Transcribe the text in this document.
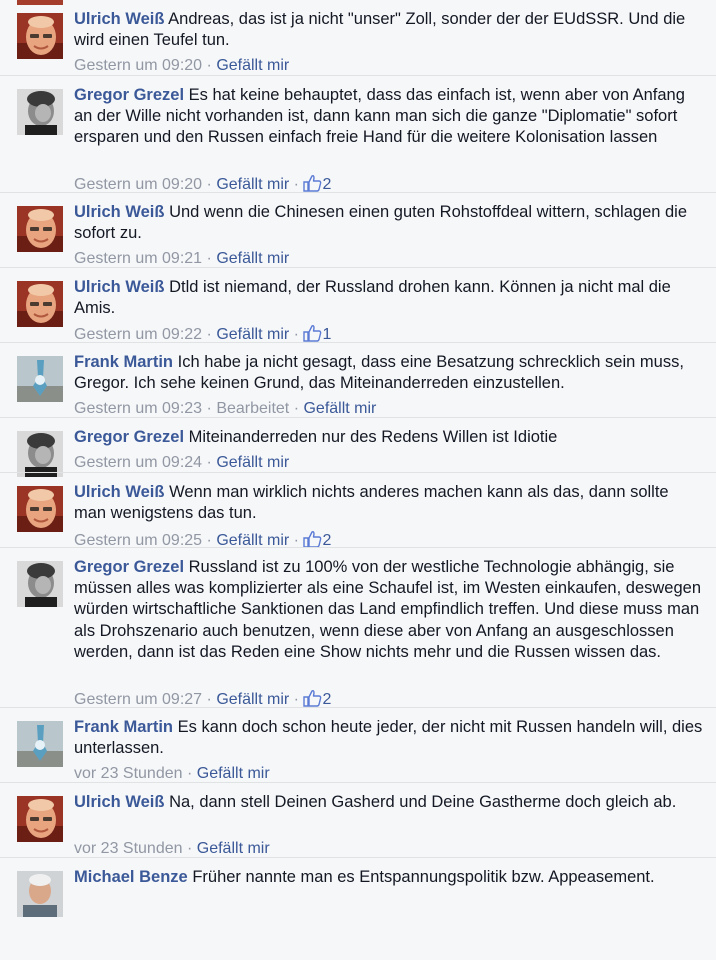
Ulrich Weiß Andreas, das ist ja nicht "unser" Zoll, sonder der der EUdSSR. Und die wird einen Teufel tun.
Gestern um 09:20 · Gefällt mir
Gregor Grezel Es hat keine behauptet, dass das einfach ist, wenn aber von Anfang an der Wille nicht vorhanden ist, dann kann man sich die ganze "Diplomatie" sofort ersparen und den Russen einfach freie Hand für die weitere Kolonisation lassen
Gestern um 09:20 · Gefällt mir · 2
Ulrich Weiß Und wenn die Chinesen einen guten Rohstoffdeal wittern, schlagen die sofort zu.
Gestern um 09:21 · Gefällt mir
Ulrich Weiß Dtld ist niemand, der Russland drohen kann. Können ja nicht mal die Amis.
Gestern um 09:22 · Gefällt mir · 1
Frank Martin Ich habe ja nicht gesagt, dass eine Besatzung schrecklich sein muss, Gregor. Ich sehe keinen Grund, das Miteinanderreden einzustellen.
Gestern um 09:23 · Bearbeitet · Gefällt mir
Gregor Grezel Miteinanderreden nur des Redens Willen ist Idiotie
Gestern um 09:24 · Gefällt mir
Ulrich Weiß Wenn man wirklich nichts anderes machen kann als das, dann sollte man wenigstens das tun.
Gestern um 09:25 · Gefällt mir · 2
Gregor Grezel Russland ist zu 100% von der westliche Technologie abhängig, sie müssen alles was komplizierter als eine Schaufel ist, im Westen einkaufen, deswegen würden wirtschaftliche Sanktionen das Land empfindlich treffen. Und diese muss man als Drohszenario auch benutzen, wenn diese aber von Anfang an ausgeschlossen werden, dann ist das Reden eine Show nichts mehr und die Russen wissen das.
Gestern um 09:27 · Gefällt mir · 2
Frank Martin Es kann doch schon heute jeder, der nicht mit Russen handeln will, dies unterlassen.
vor 23 Stunden · Gefällt mir
Ulrich Weiß Na, dann stell Deinen Gasherd und Deine Gastherme doch gleich ab.
vor 23 Stunden · Gefällt mir
Michael Benze Früher nannte man es Entspannungspolitik bzw. Appeasement.
